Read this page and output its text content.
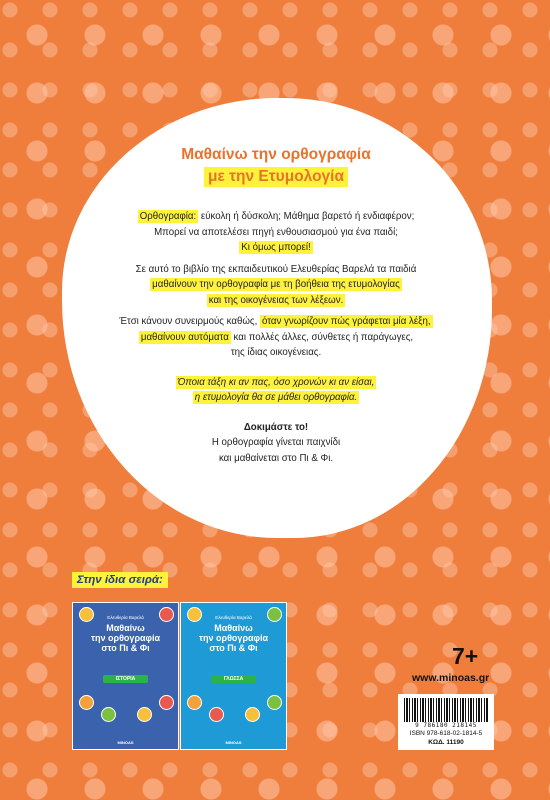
Μαθαίνω την ορθογραφία

με την Ετυμολογία

Ορθογραφία: εύκολη ή δύσκολη; Μάθημα βαρετό ή ενδιαφέρον;
Μπορεί να αποτελέσει πηγή ενθουσιασμού για ένα παιδί;
Κι όμως μπορεί!

Σε αυτό το βιβλίο της εκπαιδευτικού Ελευθερίας Βαρελά τα παιδιά
μαθαίνουν την ορθογραφία με τη βοήθεια της ετυμολογίας
και της οικογένειας των λέξεων.

Έτσι κάνουν συνειρμούς καθώς, όταν γνωρίζουν πώς γράφεται μία λέξη,
μαθαίνουν αυτόματα και πολλές άλλες, σύνθετες ή παράγωγες,
της ίδιας οικογένειας.

Όποια τάξη κι αν πας, όσο χρονών κι αν είσαι,
η ετυμολογία θα σε μάθει ορθογραφία.

Δοκιμάστε το!
Η ορθογραφία γίνεται παιχνίδι
και μαθαίνεται στο Πι & Φι.

Στην ίδια σειρά:
Ελευθερία Βαρελά
Μαθαίνω
την ορθογραφία
στο Πι & Φι
ΙΣΤΟΡΙΑ
MINOAS
Ελευθερία Βαρελά
Μαθαίνω
την ορθογραφία
στο Πι & Φι
ΓΛΩΣΣΑ
MINOAS
7+
www.minoas.gr
9 786180 218145
ISBN 978-618-02-1814-5
ΚΩΔ. 11190
